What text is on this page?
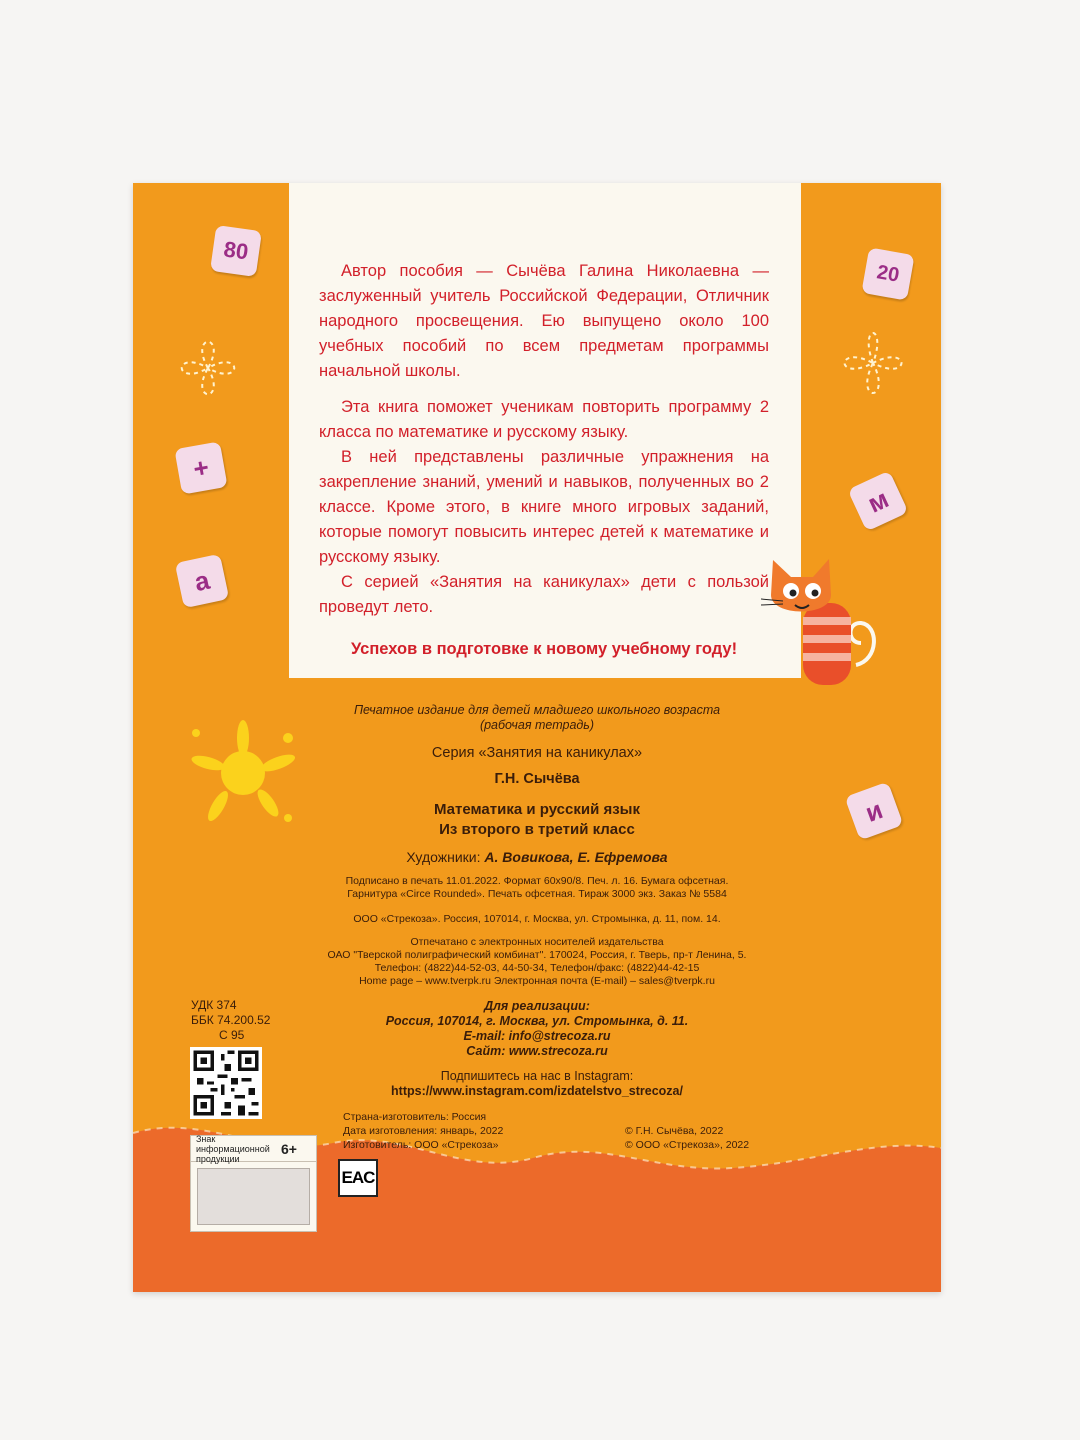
80
+
а
20
м
и

Автор пособия — Сычёва Галина Николаевна — заслуженный учитель Российской Федерации, Отличник народного просвещения. Ею выпущено около 100 учебных пособий по всем предметам программы начальной школы.

Эта книга поможет ученикам повторить программу 2 класса по математике и русскому языку.

В ней представлены различные упражнения на закрепление знаний, умений и навыков, полученных во 2 классе. Кроме этого, в книге много игровых заданий, которые помогут повысить интерес детей к математике и русскому языку.

С серией «Занятия на каникулах» дети с пользой проведут лето.

Успехов в подготовке к новому учебному году!

Печатное издание для детей младшего школьного возраста
(рабочая тетрадь)
Серия «Занятия на каникулах»
Г.Н. Сычёва
Математика и русский язык
Из второго в третий класс
Художники: А. Вовикова, Е. Ефремова
Подписано в печать 11.01.2022. Формат 60х90/8. Печ. л. 16. Бумага офсетная.
Гарнитура «Circe Rounded». Печать офсетная. Тираж 3000 экз. Заказ № 5584
ООО «Стрекоза». Россия, 107014, г. Москва, ул. Стромынка, д. 11, пом. 14.
Отпечатано с электронных носителей издательства
ОАО "Тверской полиграфический комбинат". 170024, Россия, г. Тверь, пр-т Ленина, 5.
Телефон: (4822)44-52-03, 44-50-34, Телефон/факс: (4822)44-42-15
Home page – www.tverpk.ru Электронная почта (E-mail) – sales@tverpk.ru
Для реализации:
Россия, 107014, г. Москва, ул. Стромынка, д. 11.
E-mail: info@strecoza.ru
Сайт: www.strecoza.ru
УДК 374
ББК 74.200.52
С 95
Подпишитесь на нас в Instagram:
https://www.instagram.com/izdatelstvo_strecoza/
Страна-изготовитель: Россия
Дата изготовления: январь, 2022
Изготовитель: ООО «Стрекоза»
© Г.Н. Сычёва, 2022
© ООО «Стрекоза», 2022
Знак информационной продукции
6+
EAC
